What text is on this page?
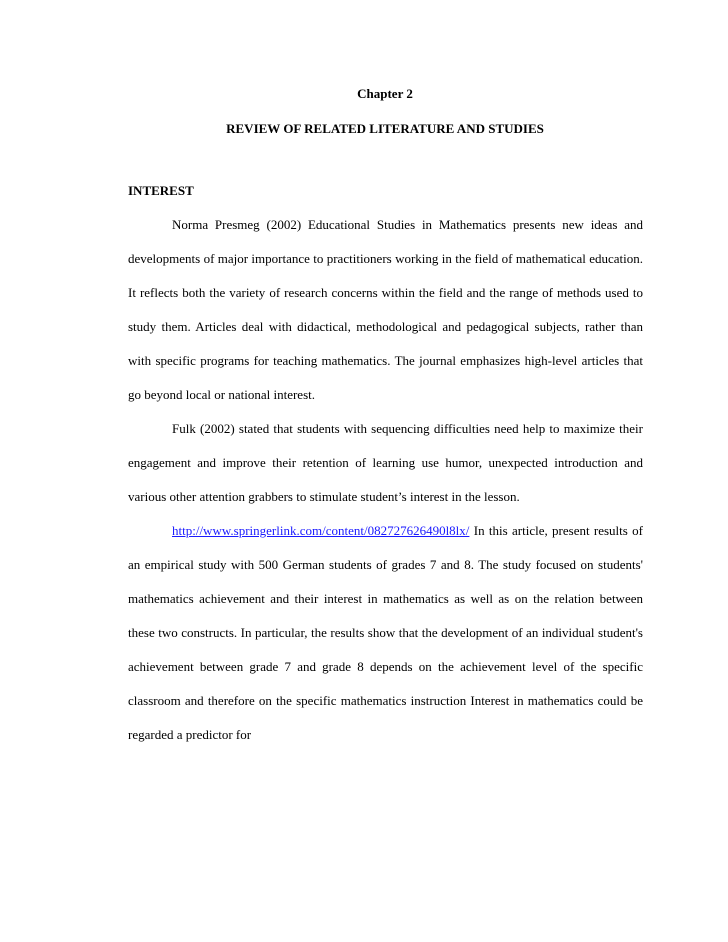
Chapter 2
REVIEW OF RELATED LITERATURE AND STUDIES
INTEREST

Norma Presmeg (2002) Educational Studies in Mathematics presents new ideas and developments of major importance to practitioners working in the field of mathematical education. It reflects both the variety of research concerns within the field and the range of methods used to study them. Articles deal with didactical, methodological and pedagogical subjects, rather than with specific programs for teaching mathematics. The journal emphasizes high-level articles that go beyond local or national interest.

Fulk (2002) stated that students with sequencing difficulties need help to maximize their engagement and improve their retention of learning use humor, unexpected introduction and various other attention grabbers to stimulate student’s interest in the lesson.

http://www.springerlink.com/content/082727626490l8lx/ In this article, present results of an empirical study with 500 German students of grades 7 and 8. The study focused on students' mathematics achievement and their interest in mathematics as well as on the relation between these two constructs. In particular, the results show that the development of an individual student's achievement between grade 7 and grade 8 depends on the achievement level of the specific classroom and therefore on the specific mathematics instruction Interest in mathematics could be regarded a predictor for
